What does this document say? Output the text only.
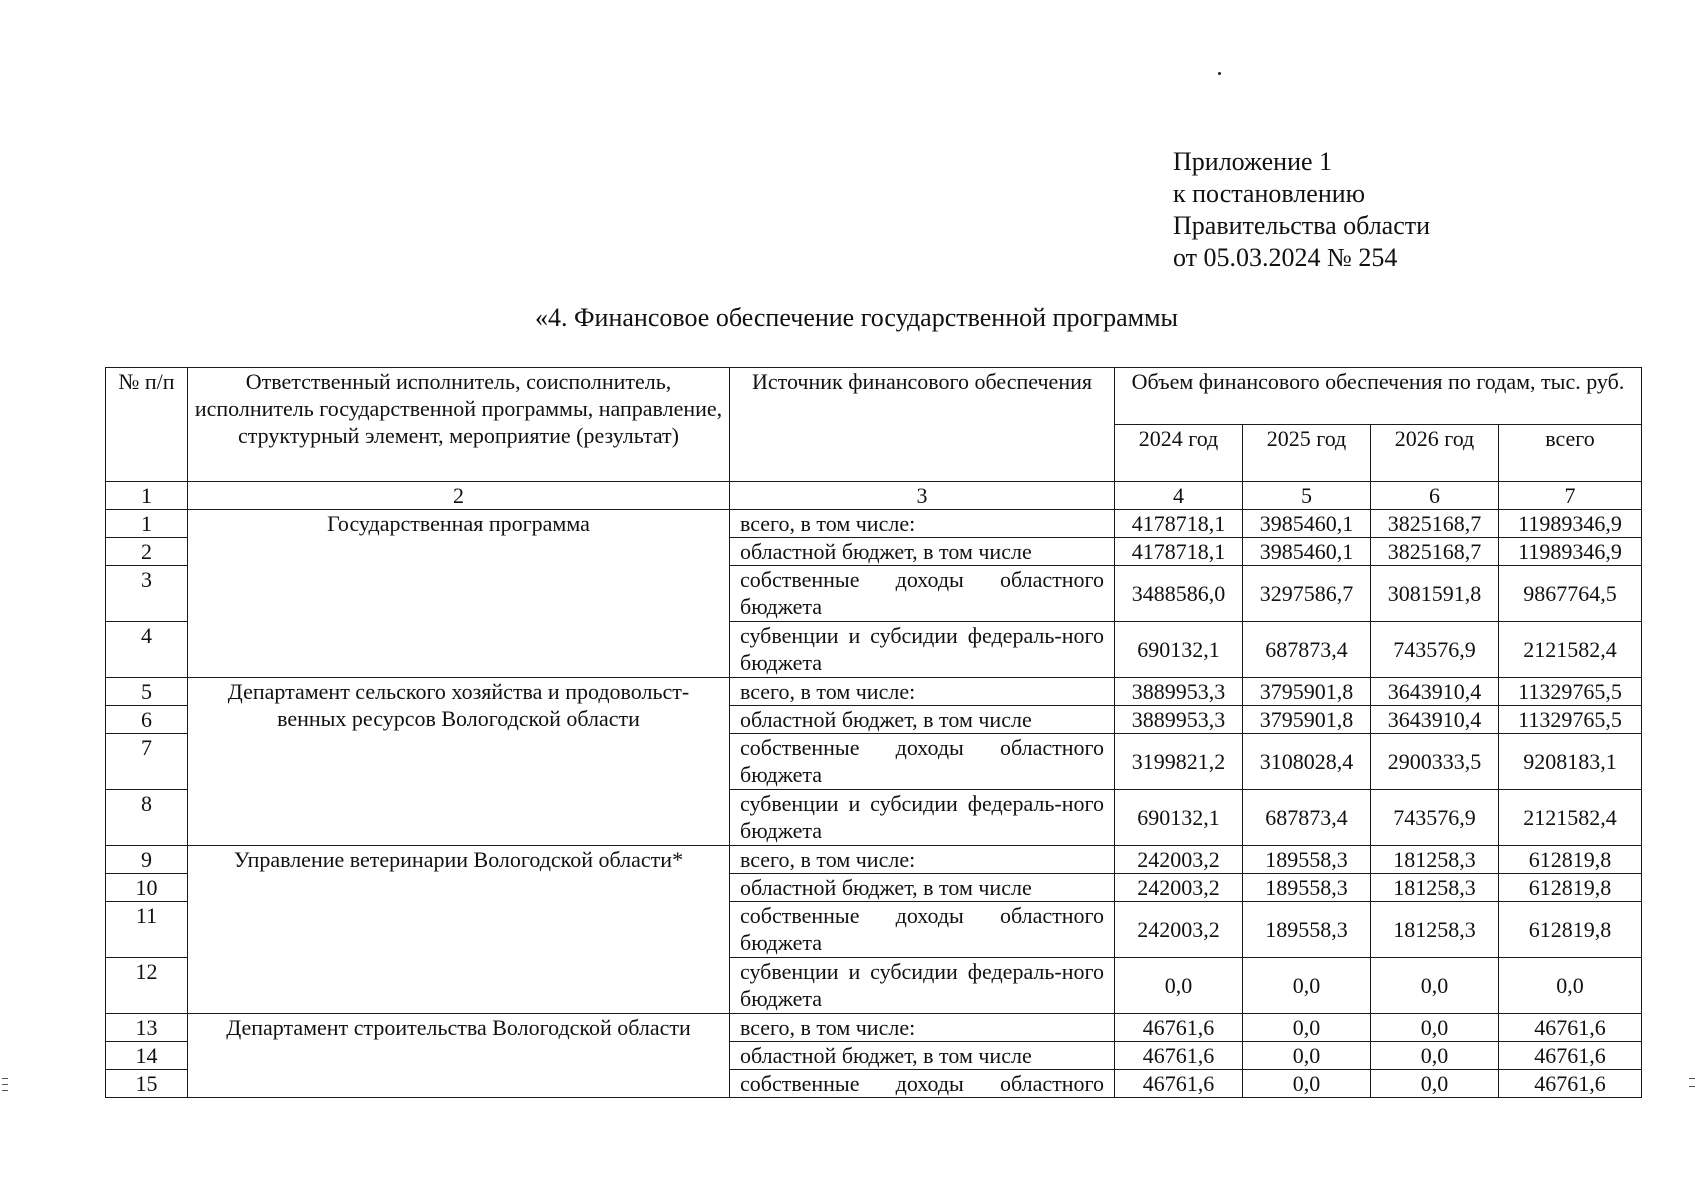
Приложение 1
к постановлению
Правительства области
от 05.03.2024 № 254
«4. Финансовое обеспечение государственной программы
№ п/п	Ответственный исполнитель, соисполнитель, исполнитель государственной программы, направление, структурный элемент, мероприятие (результат)	Источник финансового обеспечения	Объем финансового обеспечения по годам, тыс. руб.			
			2024 год	2025 год	2026 год	всего
1	2	3	4	5	6	7
1	Государственная программа	всего, в том числе:	4178718,1	3985460,1	3825168,7	11989346,9
2		областной бюджет, в том числе	4178718,1	3985460,1	3825168,7	11989346,9
3		собственные доходы областного бюджета	3488586,0	3297586,7	3081591,8	9867764,5
4		субвенции и субсидии федераль-ного бюджета	690132,1	687873,4	743576,9	2121582,4
5	Департамент сельского хозяйства и продовольст-венных ресурсов Вологодской области	всего, в том числе:	3889953,3	3795901,8	3643910,4	11329765,5
6		областной бюджет, в том числе	3889953,3	3795901,8	3643910,4	11329765,5
7		собственные доходы областного бюджета	3199821,2	3108028,4	2900333,5	9208183,1
8		субвенции и субсидии федераль-ного бюджета	690132,1	687873,4	743576,9	2121582,4
9	Управление ветеринарии Вологодской области*	всего, в том числе:	242003,2	189558,3	181258,3	612819,8
10		областной бюджет, в том числе	242003,2	189558,3	181258,3	612819,8
11		собственные доходы областного бюджета	242003,2	189558,3	181258,3	612819,8
12		субвенции и субсидии федераль-ного бюджета	0,0	0,0	0,0	0,0
13	Департамент строительства Вологодской области	всего, в том числе:	46761,6	0,0	0,0	46761,6
14		областной бюджет, в том числе	46761,6	0,0	0,0	46761,6
15		собственные доходы областного	46761,6	0,0	0,0	46761,6
